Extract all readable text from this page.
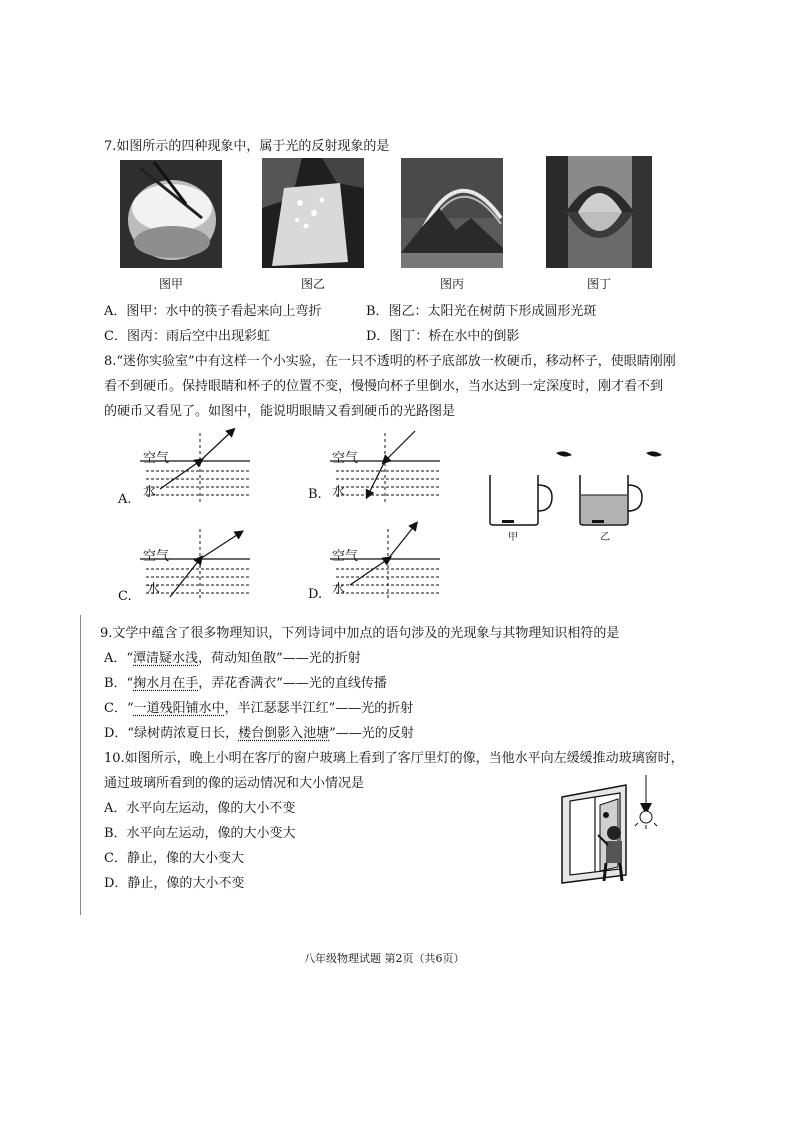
7.如图所示的四种现象中，属于光的反射现象的是
图甲	图乙	图丙	图丁
A．图甲：水中的筷子看起来向上弯折	B．图乙：太阳光在树荫下形成圆形光斑
C．图丙：雨后空中出现彩虹	D．图丁：桥在水中的倒影
8.“迷你实验室”中有这样一个小实验，在一只不透明的杯子底部放一枚硬币，移动杯子，使眼睛刚刚
看不到硬币。保持眼睛和杯子的位置不变，慢慢向杯子里倒水，当水达到一定深度时，刚才看不到
的硬币又看见了。如图中，能说明眼睛又看到硬币的光路图是
空气
水
A.
空气
水
B.
空气
水
C.
空气
水
D.
甲	乙
9.文学中蕴含了很多物理知识，下列诗词中加点的语句涉及的光现象与其物理知识相符的是
A．“潭清疑水浅，荷动知鱼散”——光的折射
B．“掬水月在手，弄花香满衣”——光的直线传播
C．“一道残阳铺水中，半江瑟瑟半江红”——光的折射
D．“绿树荫浓夏日长，楼台倒影入池塘”——光的反射
10.如图所示，晚上小明在客厅的窗户玻璃上看到了客厅里灯的像，当他水平向左缓缓推动玻璃窗时，
通过玻璃所看到的像的运动情况和大小情况是
A．水平向左运动，像的大小不变
B．水平向左运动，像的大小变大
C．静止，像的大小变大
D．静止，像的大小不变
八年级物理试题 第2页（共6页）
